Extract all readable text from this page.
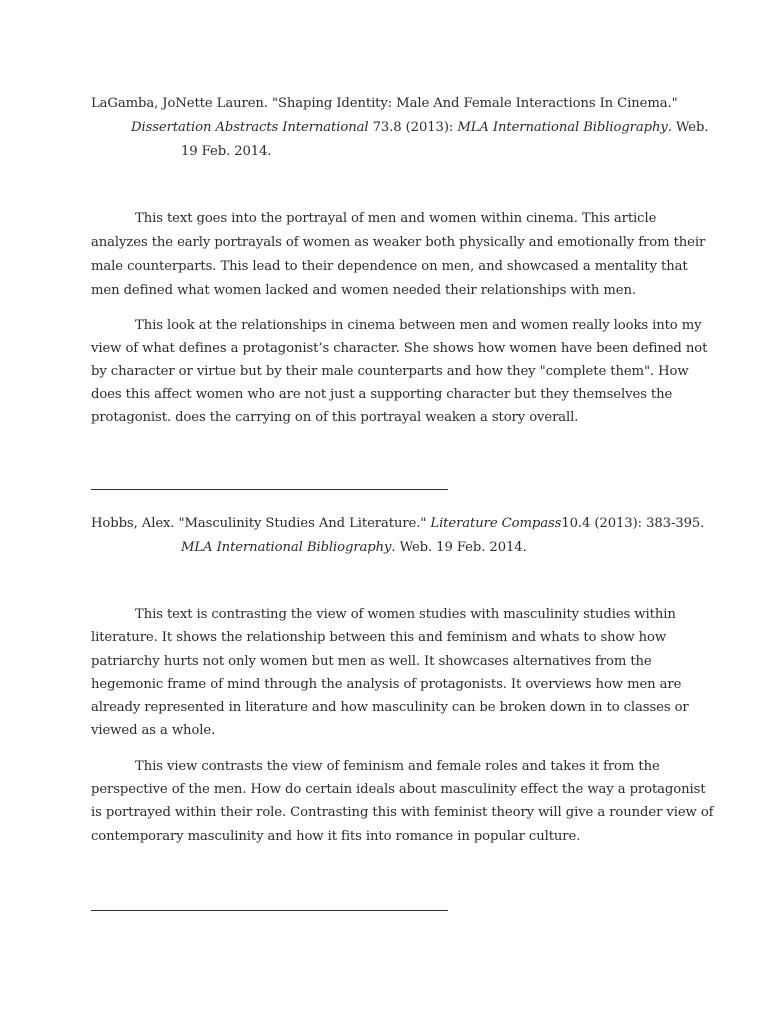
LaGamba, JoNette Lauren. "Shaping Identity: Male And Female Interactions In Cinema."
Dissertation Abstracts International 73.8 (2013): MLA International Bibliography. Web.
19 Feb. 2014.
This text goes into the portrayal of men and women within cinema. This article
analyzes the early portrayals of women as weaker both physically and emotionally from their
male counterparts. This lead to their dependence on men, and showcased a mentality that
men defined what women lacked and women needed their relationships with men.
This look at the relationships in cinema between men and women really looks into my
view of what defines a protagonist’s character. She shows how women have been defined not
by character or virtue but by their male counterparts and how they "complete them". How
does this affect women who are not just a supporting character but they themselves the
protagonist. does the carrying on of this portrayal weaken a story overall.
Hobbs, Alex. "Masculinity Studies And Literature." Literature Compass10.4 (2013): 383-395.
MLA International Bibliography. Web. 19 Feb. 2014.
This text is contrasting the view of women studies with masculinity studies within
literature. It shows the relationship between this and feminism and whats to show how
patriarchy hurts not only women but men as well. It showcases alternatives from the
hegemonic frame of mind through the analysis of protagonists. It overviews how men are
already represented in literature and how masculinity can be broken down in to classes or
viewed as a whole.
This view contrasts the view of feminism and female roles and takes it from the
perspective of the men. How do certain ideals about masculinity effect the way a protagonist
is portrayed within their role. Contrasting this with feminist theory will give a rounder view of
contemporary masculinity and how it fits into romance in popular culture.
